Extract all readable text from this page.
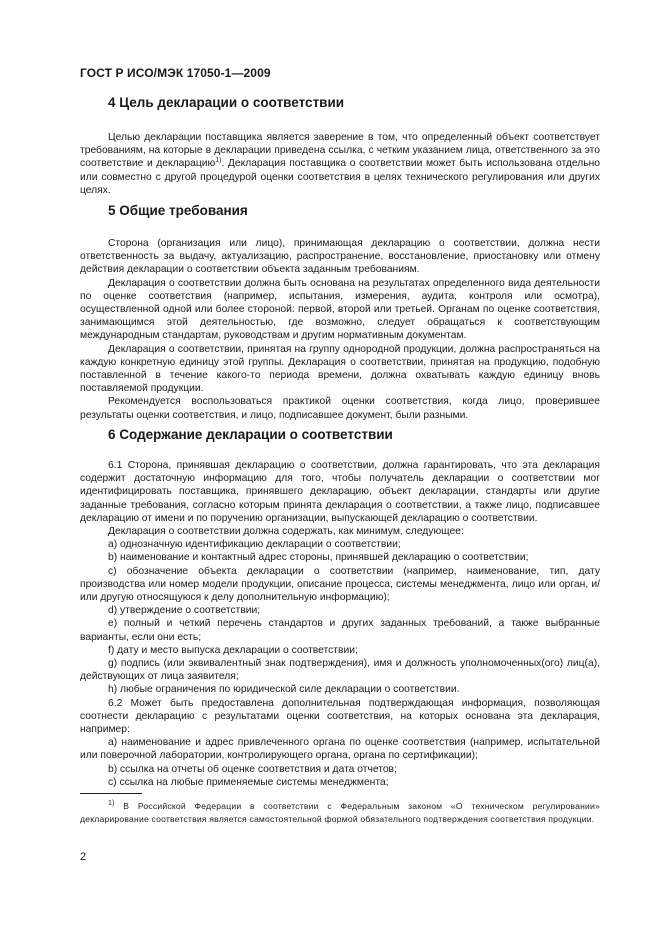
ГОСТ Р ИСО/МЭК 17050-1—2009
4 Цель декларации о соответствии

Целью декларации поставщика является заверение в том, что определенный объект соответствует требованиям, на которые в декларации приведена ссылка, с четким указанием лица, ответственного за это соответствие и декларацию$^{1)}$. Декларация поставщика о соответствии может быть использована отдельно или совместно с другой процедурой оценки соответствия в целях технического регулирования или других целях.

5 Общие требования

Сторона (организация или лицо), принимающая декларацию о соответствии, должна нести ответственность за выдачу, актуализацию, распространение, восстановление, приостановку или отмену действия декларации о соответствии объекта заданным требованиям.

Декларация о соответствии должна быть основана на результатах определенного вида деятельности по оценке соответствия (например, испытания, измерения, аудита, контроля или осмотра), осуществленной одной или более стороной: первой, второй или третьей. Органам по оценке соответствия, занимающимся этой деятельностью, где возможно, следует обращаться к соответствующим международным стандартам, руководствам и другим нормативным документам.

Декларация о соответствии, принятая на группу однородной продукции, должна распространяться на каждую конкретную единицу этой группы. Декларация о соответствии, принятая на продукцию, подобную поставленной в течение какого-то периода времени, должна охватывать каждую единицу вновь поставляемой продукции.

Рекомендуется воспользоваться практикой оценки соответствия, когда лицо, проверившее результаты оценки соответствия, и лицо, подписавшее документ, были разными.

6 Содержание декларации о соответствии

6.1 Сторона, принявшая декларацию о соответствии, должна гарантировать, что эта декларация содержит достаточную информацию для того, чтобы получатель декларации о соответствии мог идентифицировать поставщика, принявшего декларацию, объект декларации, стандарты или другие заданные требования, согласно которым принята декларация о соответствии, а также лицо, подписавшее декларацию от имени и по поручению организации, выпускающей декларацию о соответствии.

Декларация о соответствии должна содержать, как минимум, следующее:

a) однозначную идентификацию декларации о соответствии;

b) наименование и контактный адрес стороны, принявшей декларацию о соответствии;

c) обозначение объекта декларации о соответствии (например, наименование, тип, дату производства или номер модели продукции, описание процесса, системы менеджмента, лицо или орган, и/или другую относящуюся к делу дополнительную информацию);

d) утверждение о соответствии;

e) полный и четкий перечень стандартов и других заданных требований, а также выбранные варианты, если они есть;

f) дату и место выпуска декларации о соответствии;

g) подпись (или эквивалентный знак подтверждения), имя и должность уполномоченных(ого) лиц(а), действующих от лица заявителя;

h) любые ограничения по юридической силе декларации о соответствии.

6.2 Может быть предоставлена дополнительная подтверждающая информация, позволяющая соотнести декларацию с результатами оценки соответствия, на которых основана эта декларация, например:

a) наименование и адрес привлеченного органа по оценке соответствия (например, испытательной или поверочной лаборатории, контролирующего органа, органа по сертификации);

b) ссылка на отчеты об оценке соответствия и дата отчетов;

c) ссылка на любые применяемые системы менеджмента;

$^{1)}$ В Российской Федерации в соответствии с Федеральным законом «О техническом регулировании» декларирование соответствия является самостоятельной формой обязательного подтверждения соответствия продукции.
2
